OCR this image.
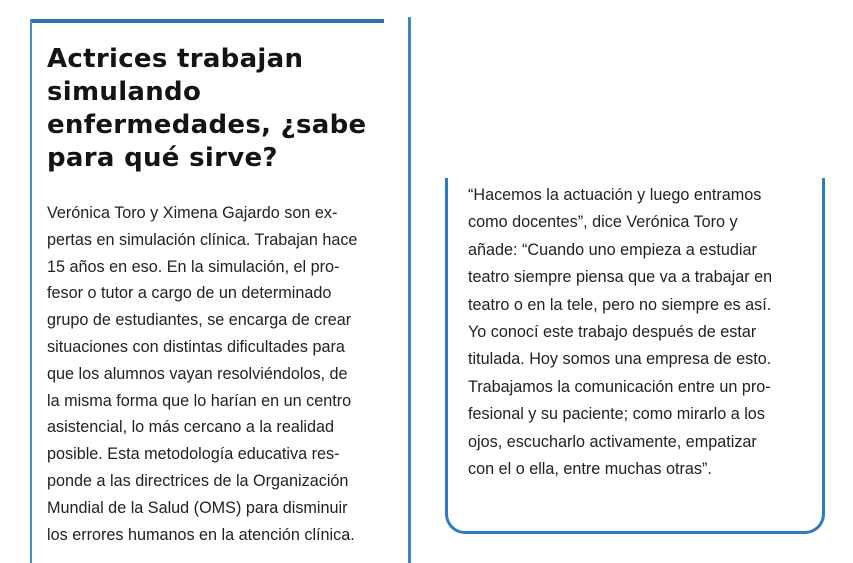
Actrices trabajan simulando enfermedades, ¿sabe para qué sirve?

Verónica Toro y Ximena Gajardo son ex-
pertas en simulación clínica. Trabajan hace
15 años en eso. En la simulación, el pro-
fesor o tutor a cargo de un determinado
grupo de estudiantes, se encarga de crear
situaciones con distintas dificultades para
que los alumnos vayan resolviéndolos, de
la misma forma que lo harían en un centro
asistencial, lo más cercano a la realidad
posible. Esta metodología educativa res-
ponde a las directrices de la Organización
Mundial de la Salud (OMS) para disminuir
los errores humanos en la atención clínica.

“Hacemos la actuación y luego entramos
como docentes”, dice Verónica Toro y
añade: “Cuando uno empieza a estudiar
teatro siempre piensa que va a trabajar en
teatro o en la tele, pero no siempre es así.
Yo conocí este trabajo después de estar
titulada. Hoy somos una empresa de esto.
Trabajamos la comunicación entre un pro-
fesional y su paciente; como mirarlo a los
ojos, escucharlo activamente, empatizar
con el o ella, entre muchas otras”.
